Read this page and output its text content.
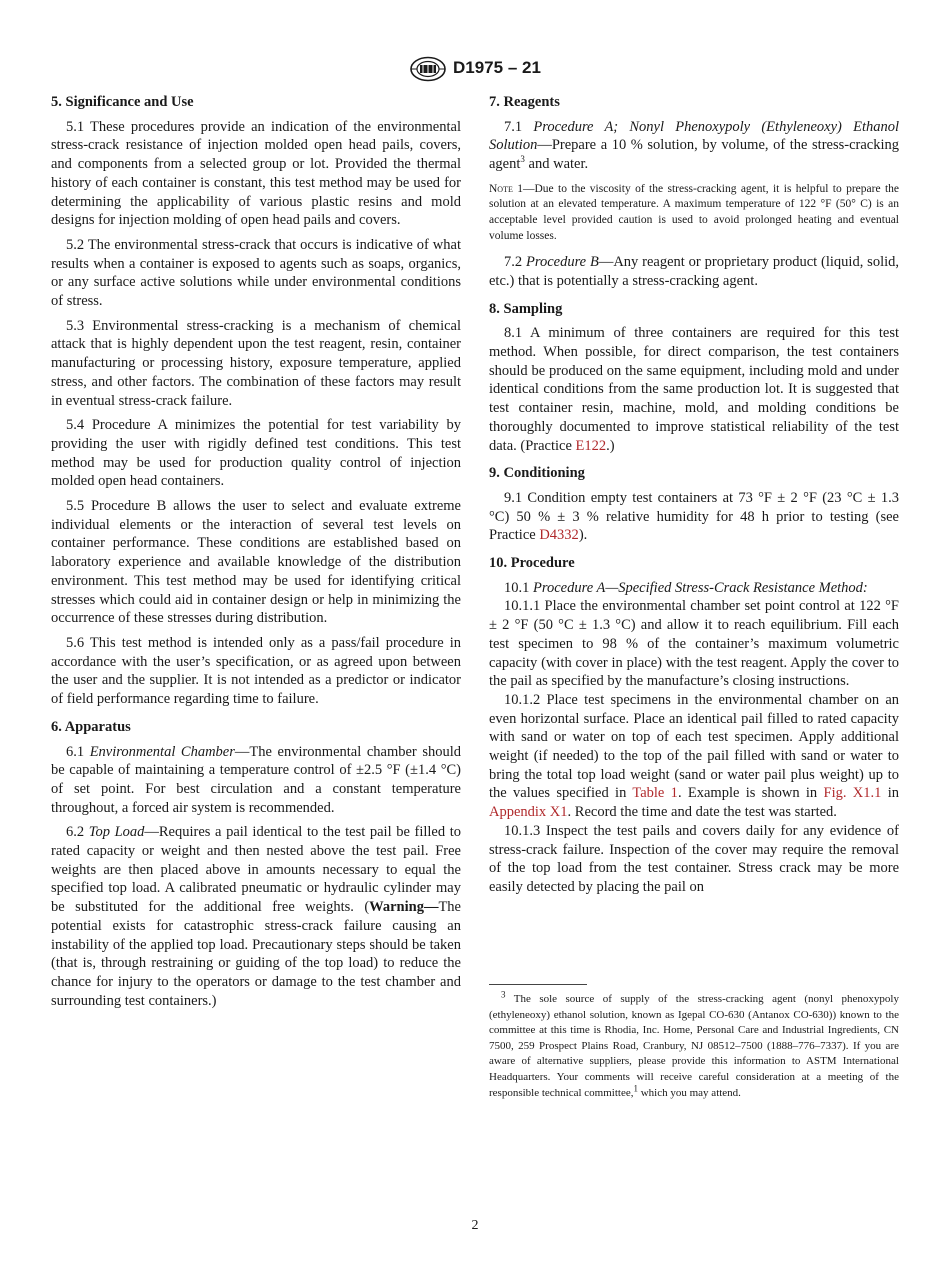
D1975 – 21
5. Significance and Use

5.1 These procedures provide an indication of the environmental stress-crack resistance of injection molded open head pails, covers, and components from a selected group or lot. Provided the thermal history of each container is constant, this test method may be used for determining the applicability of various plastic resins and mold designs for injection molding of open head pails and covers.

5.2 The environmental stress-crack that occurs is indicative of what results when a container is exposed to agents such as soaps, organics, or any surface active solutions while under environmental conditions of stress.

5.3 Environmental stress-cracking is a mechanism of chemical attack that is highly dependent upon the test reagent, resin, container manufacturing or processing history, exposure temperature, applied stress, and other factors. The combination of these factors may result in eventual stress-crack failure.

5.4 Procedure A minimizes the potential for test variability by providing the user with rigidly defined test conditions. This test method may be used for production quality control of injection molded open head containers.

5.5 Procedure B allows the user to select and evaluate extreme individual elements or the interaction of several test levels on container performance. These conditions are established based on laboratory experience and available knowledge of the distribution environment. This test method may be used for identifying critical stresses which could aid in container design or help in minimizing the occurrence of these stresses during distribution.

5.6 This test method is intended only as a pass/fail procedure in accordance with the user’s specification, or as agreed upon between the user and the supplier. It is not intended as a predictor or indicator of field performance regarding time to failure.

6. Apparatus

6.1 Environmental Chamber—The environmental chamber should be capable of maintaining a temperature control of ±2.5 °F (±1.4 °C) of set point. For best circulation and a constant temperature throughout, a forced air system is recommended.

6.2 Top Load—Requires a pail identical to the test pail be filled to rated capacity or weight and then nested above the test pail. Free weights are then placed above in amounts necessary to equal the specified top load. A calibrated pneumatic or hydraulic cylinder may be substituted for the additional free weights. (Warning—The potential exists for catastrophic stress-crack failure causing an instability of the applied top load. Precautionary steps should be taken (that is, through restraining or guiding of the top load) to reduce the chance for injury to the operators or damage to the test chamber and surrounding test containers.)

7. Reagents

7.1 Procedure A; Nonyl Phenoxypoly (Ethyleneoxy) Ethanol Solution—Prepare a 10 % solution, by volume, of the stress-cracking agent$^3$ and water.

Note 1—Due to the viscosity of the stress-cracking agent, it is helpful to prepare the solution at an elevated temperature. A maximum temperature of 122 °F (50° C) is an acceptable level provided caution is used to avoid prolonged heating and eventual volume losses.

7.2 Procedure B—Any reagent or proprietary product (liquid, solid, etc.) that is potentially a stress-cracking agent.

8. Sampling

8.1 A minimum of three containers are required for this test method. When possible, for direct comparison, the test containers should be produced on the same equipment, including mold and under identical conditions from the same production lot. It is suggested that test container resin, machine, mold, and molding conditions be thoroughly documented to improve statistical reliability of the test data. (Practice E122.)

9. Conditioning

9.1 Condition empty test containers at 73 °F ± 2 °F (23 °C ± 1.3 °C) 50 % ± 3 % relative humidity for 48 h prior to testing (see Practice D4332).

10. Procedure

10.1 Procedure A—Specified Stress-Crack Resistance Method:

10.1.1 Place the environmental chamber set point control at 122 °F ± 2 °F (50 °C ± 1.3 °C) and allow it to reach equilibrium. Fill each test specimen to 98 % of the container’s maximum volumetric capacity (with cover in place) with the test reagent. Apply the cover to the pail as specified by the manufacture’s closing instructions.

10.1.2 Place test specimens in the environmental chamber on an even horizontal surface. Place an identical pail filled to rated capacity with sand or water on top of each test specimen. Apply additional weight (if needed) to the top of the pail filled with sand or water to bring the total top load weight (sand or water pail plus weight) up to the values specified in Table 1. Example is shown in Fig. X1.1 in Appendix X1. Record the time and date the test was started.

10.1.3 Inspect the test pails and covers daily for any evidence of stress-crack failure. Inspection of the cover may require the removal of the top load from the test container. Stress crack may be more easily detected by placing the pail on

$^3$ The sole source of supply of the stress-cracking agent (nonyl phenoxypoly (ethyleneoxy) ethanol solution, known as Igepal CO-630 (Antanox CO-630)) known to the committee at this time is Rhodia, Inc. Home, Personal Care and Industrial Ingredients, CN 7500, 259 Prospect Plains Road, Cranbury, NJ 08512–7500 (1888–776–7337). If you are aware of alternative suppliers, please provide this information to ASTM International Headquarters. Your comments will receive careful consideration at a meeting of the responsible technical committee,$^1$ which you may attend.
2
